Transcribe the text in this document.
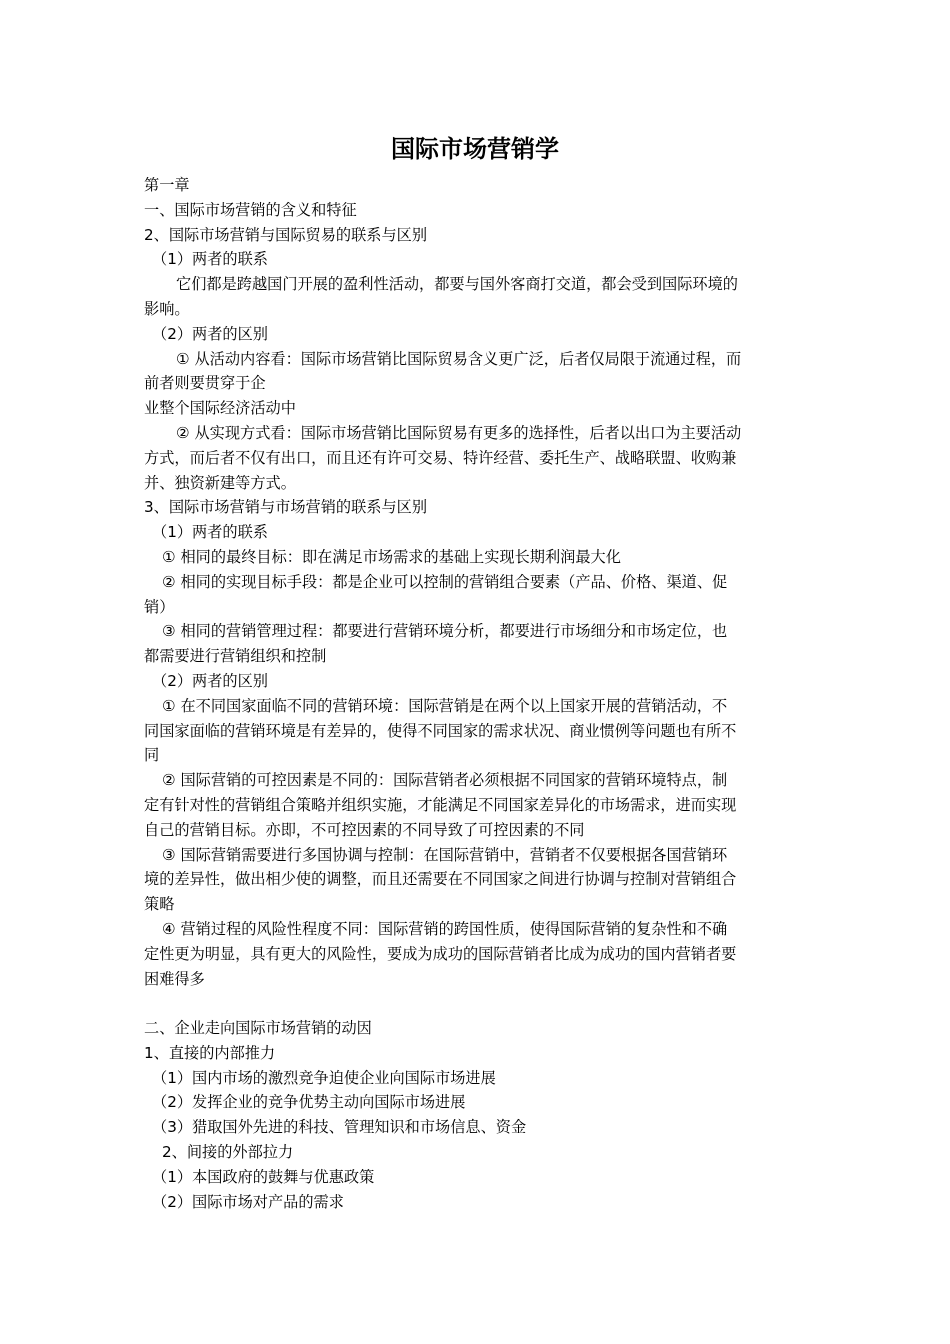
国际市场营销学
第一章
一、国际市场营销的含义和特征
2、国际市场营销与国际贸易的联系与区别
（1）两者的联系
它们都是跨越国门开展的盈利性活动，都要与国外客商打交道，都会受到国际环境的
影响。
（2）两者的区别
① 从活动内容看：国际市场营销比国际贸易含义更广泛，后者仅局限于流通过程，而
前者则要贯穿于企
业整个国际经济活动中
② 从实现方式看：国际市场营销比国际贸易有更多的选择性，后者以出口为主要活动
方式，而后者不仅有出口，而且还有许可交易、特许经营、委托生产、战略联盟、收购兼
并、独资新建等方式。
3、国际市场营销与市场营销的联系与区别
（1）两者的联系
① 相同的最终目标：即在满足市场需求的基础上实现长期利润最大化
② 相同的实现目标手段：都是企业可以控制的营销组合要素（产品、价格、渠道、促
销）
③ 相同的营销管理过程：都要进行营销环境分析，都要进行市场细分和市场定位，也
都需要进行营销组织和控制
（2）两者的区别
① 在不同国家面临不同的营销环境：国际营销是在两个以上国家开展的营销活动，不
同国家面临的营销环境是有差异的，使得不同国家的需求状况、商业惯例等问题也有所不
同
② 国际营销的可控因素是不同的：国际营销者必须根据不同国家的营销环境特点，制
定有针对性的营销组合策略并组织实施，才能满足不同国家差异化的市场需求，进而实现
自己的营销目标。亦即，不可控因素的不同导致了可控因素的不同
③ 国际营销需要进行多国协调与控制：在国际营销中，营销者不仅要根据各国营销环
境的差异性，做出相少使的调整，而且还需要在不同国家之间进行协调与控制对营销组合
策略
④ 营销过程的风险性程度不同：国际营销的跨国性质，使得国际营销的复杂性和不确
定性更为明显，具有更大的风险性，要成为成功的国际营销者比成为成功的国内营销者要
困难得多
二、企业走向国际市场营销的动因
1、直接的内部推力
（1）国内市场的激烈竞争迫使企业向国际市场进展
（2）发挥企业的竞争优势主动向国际市场进展
（3）猎取国外先进的科技、管理知识和市场信息、资金
2、间接的外部拉力
（1）本国政府的鼓舞与优惠政策
（2）国际市场对产品的需求
